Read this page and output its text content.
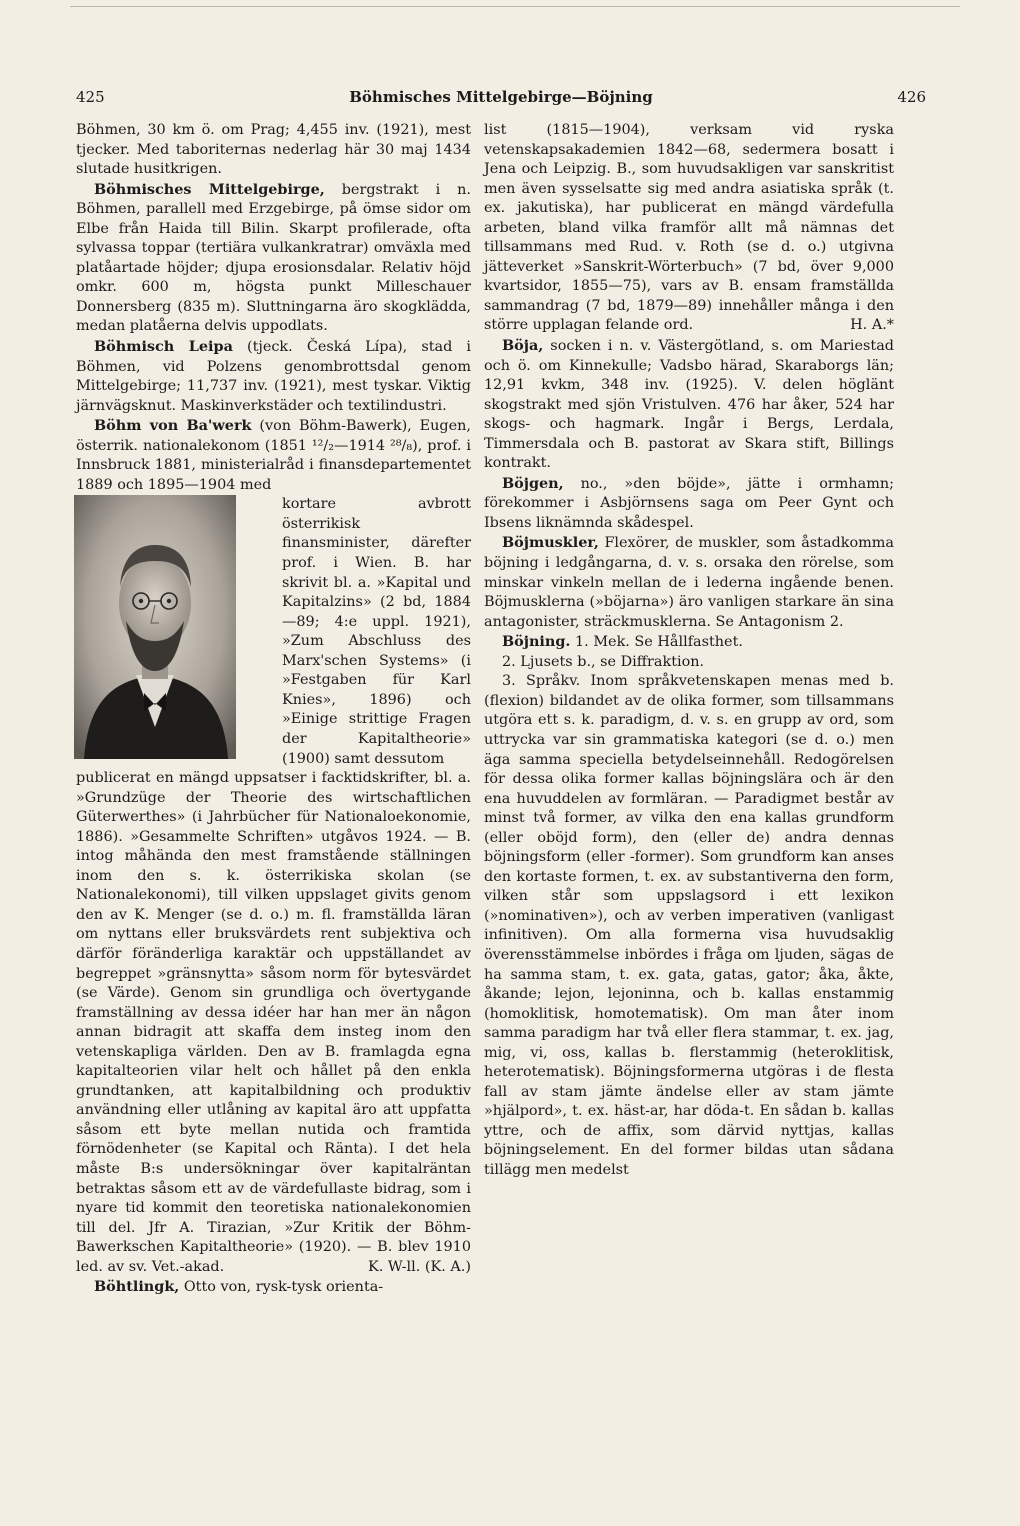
425	Böhmisches Mittelgebirge—Böjning	426

Böhmen, 30 km ö. om Prag; 4,455 inv. (1921), mest tjecker. Med taboriternas nederlag här 30 maj 1434 slutade husitkrigen.

Böhmisches Mittelgebirge, bergstrakt i n. Böhmen, parallell med Erzgebirge, på ömse sidor om Elbe från Haida till Bilin. Skarpt profilerade, ofta sylvassa toppar (tertiära vulkankratrar) omväxla med platåartade höjder; djupa erosionsdalar. Relativ höjd omkr. 600 m, högsta punkt Milleschauer Donnersberg (835 m). Sluttningarna äro skogklädda, medan platåerna delvis uppodlats.

Böhmisch Leipa (tjeck. Česká Lípa), stad i Böhmen, vid Polzens genombrottsdal genom Mittelgebirge; 11,737 inv. (1921), mest tyskar. Viktig järnvägsknut. Maskinverkstäder och textilindustri.

Böhm von Ba'werk (von Böhm-Bawerk), Eugen, österrik. nationalekonom (1851 ¹²/₂—1914 ²⁸/₈), prof. i Innsbruck 1881, ministerialråd i finansdepartementet 1889 och 1895—1904 med

kortare avbrott österrikisk finansminister, därefter prof. i Wien. B. har skrivit bl. a. »Kapital und Kapitalzins» (2 bd, 1884—89; 4:e uppl. 1921), »Zum Abschluss des Marx'schen Systems» (i »Festgaben für Karl Knies», 1896) och »Einige strittige Fragen der Kapitaltheorie» (1900) samt dessutom

publicerat en mängd uppsatser i facktidskrifter, bl. a. »Grundzüge der Theorie des wirtschaftlichen Güterwerthes» (i Jahrbücher für Nationaloekonomie, 1886). »Gesammelte Schriften» utgåvos 1924. — B. intog måhända den mest framstående ställningen inom den s. k. österrikiska skolan (se Nationalekonomi), till vilken uppslaget givits genom den av K. Menger (se d. o.) m. fl. framställda läran om nyttans eller bruksvärdets rent subjektiva och därför föränderliga karaktär och uppställandet av begreppet »gränsnytta» såsom norm för bytesvärdet (se Värde). Genom sin grundliga och övertygande framställning av dessa idéer har han mer än någon annan bidragit att skaffa dem insteg inom den vetenskapliga världen. Den av B. framlagda egna kapitalteorien vilar helt och hållet på den enkla grundtanken, att kapitalbildning och produktiv användning eller utlåning av kapital äro att uppfatta såsom ett byte mellan nutida och framtida förnödenheter (se Kapital och Ränta). I det hela måste B:s undersökningar över kapitalräntan betraktas såsom ett av de värdefullaste bidrag, som i nyare tid kommit den teoretiska nationalekonomien till del. Jfr A. Tirazian, »Zur Kritik der Böhm-Bawerkschen Kapitaltheorie» (1920). — B. blev 1910 led. av sv. Vet.-akad.	K. W-ll. (K. A.)

Böhtlingk, Otto von, rysk-tysk orienta-

list (1815—1904), verksam vid ryska vetenskapsakademien 1842—68, sedermera bosatt i Jena och Leipzig. B., som huvudsakligen var sanskritist men även sysselsatte sig med andra asiatiska språk (t. ex. jakutiska), har publicerat en mängd värdefulla arbeten, bland vilka framför allt må nämnas det tillsammans med Rud. v. Roth (se d. o.) utgivna jätteverket »Sanskrit-Wörterbuch» (7 bd, över 9,000 kvartsidor, 1855—75), vars av B. ensam framställda sammandrag (7 bd, 1879—89) innehåller många i den större upplagan felande ord.	H. A.*

Böja, socken i n. v. Västergötland, s. om Mariestad och ö. om Kinnekulle; Vadsbo härad, Skaraborgs län; 12,91 kvkm, 348 inv. (1925). V. delen höglänt skogstrakt med sjön Vristulven. 476 har åker, 524 har skogs- och hagmark. Ingår i Bergs, Lerdala, Timmersdala och B. pastorat av Skara stift, Billings kontrakt.

Böjgen, no., »den böjde», jätte i ormhamn; förekommer i Asbjörnsens saga om Peer Gynt och Ibsens liknämnda skådespel.

Böjmuskler, Flexörer, de muskler, som åstadkomma böjning i ledgångarna, d. v. s. orsaka den rörelse, som minskar vinkeln mellan de i lederna ingående benen. Böjmusklerna (»böjarna») äro vanligen starkare än sina antagonister, sträckmusklerna. Se Antagonism 2.

Böjning. 1. Mek. Se Hållfasthet.

2. Ljusets b., se Diffraktion.

3. Språkv. Inom språkvetenskapen menas med b. (flexion) bildandet av de olika former, som tillsammans utgöra ett s. k. paradigm, d. v. s. en grupp av ord, som uttrycka var sin grammatiska kategori (se d. o.) men äga samma speciella betydelseinnehåll. Redogörelsen för dessa olika former kallas böjningslära och är den ena huvuddelen av formläran. — Paradigmet består av minst två former, av vilka den ena kallas grundform (eller oböjd form), den (eller de) andra dennas böjningsform (eller -former). Som grundform kan anses den kortaste formen, t. ex. av substantiverna den form, vilken står som uppslagsord i ett lexikon (»nominativen»), och av verben imperativen (vanligast infinitiven). Om alla formerna visa huvudsaklig överensstämmelse inbördes i fråga om ljuden, sägas de ha samma stam, t. ex. gata, gatas, gator; åka, åkte, åkande; lejon, lejoninna, och b. kallas enstammig (homoklitisk, homotematisk). Om man åter inom samma paradigm har två eller flera stammar, t. ex. jag, mig, vi, oss, kallas b. flerstammig (heteroklitisk, heterotematisk). Böjningsformerna utgöras i de flesta fall av stam jämte ändelse eller av stam jämte »hjälpord», t. ex. häst-ar, har döda-t. En sådan b. kallas yttre, och de affix, som därvid nyttjas, kallas böjningselement. En del former bildas utan sådana tillägg men medelst
